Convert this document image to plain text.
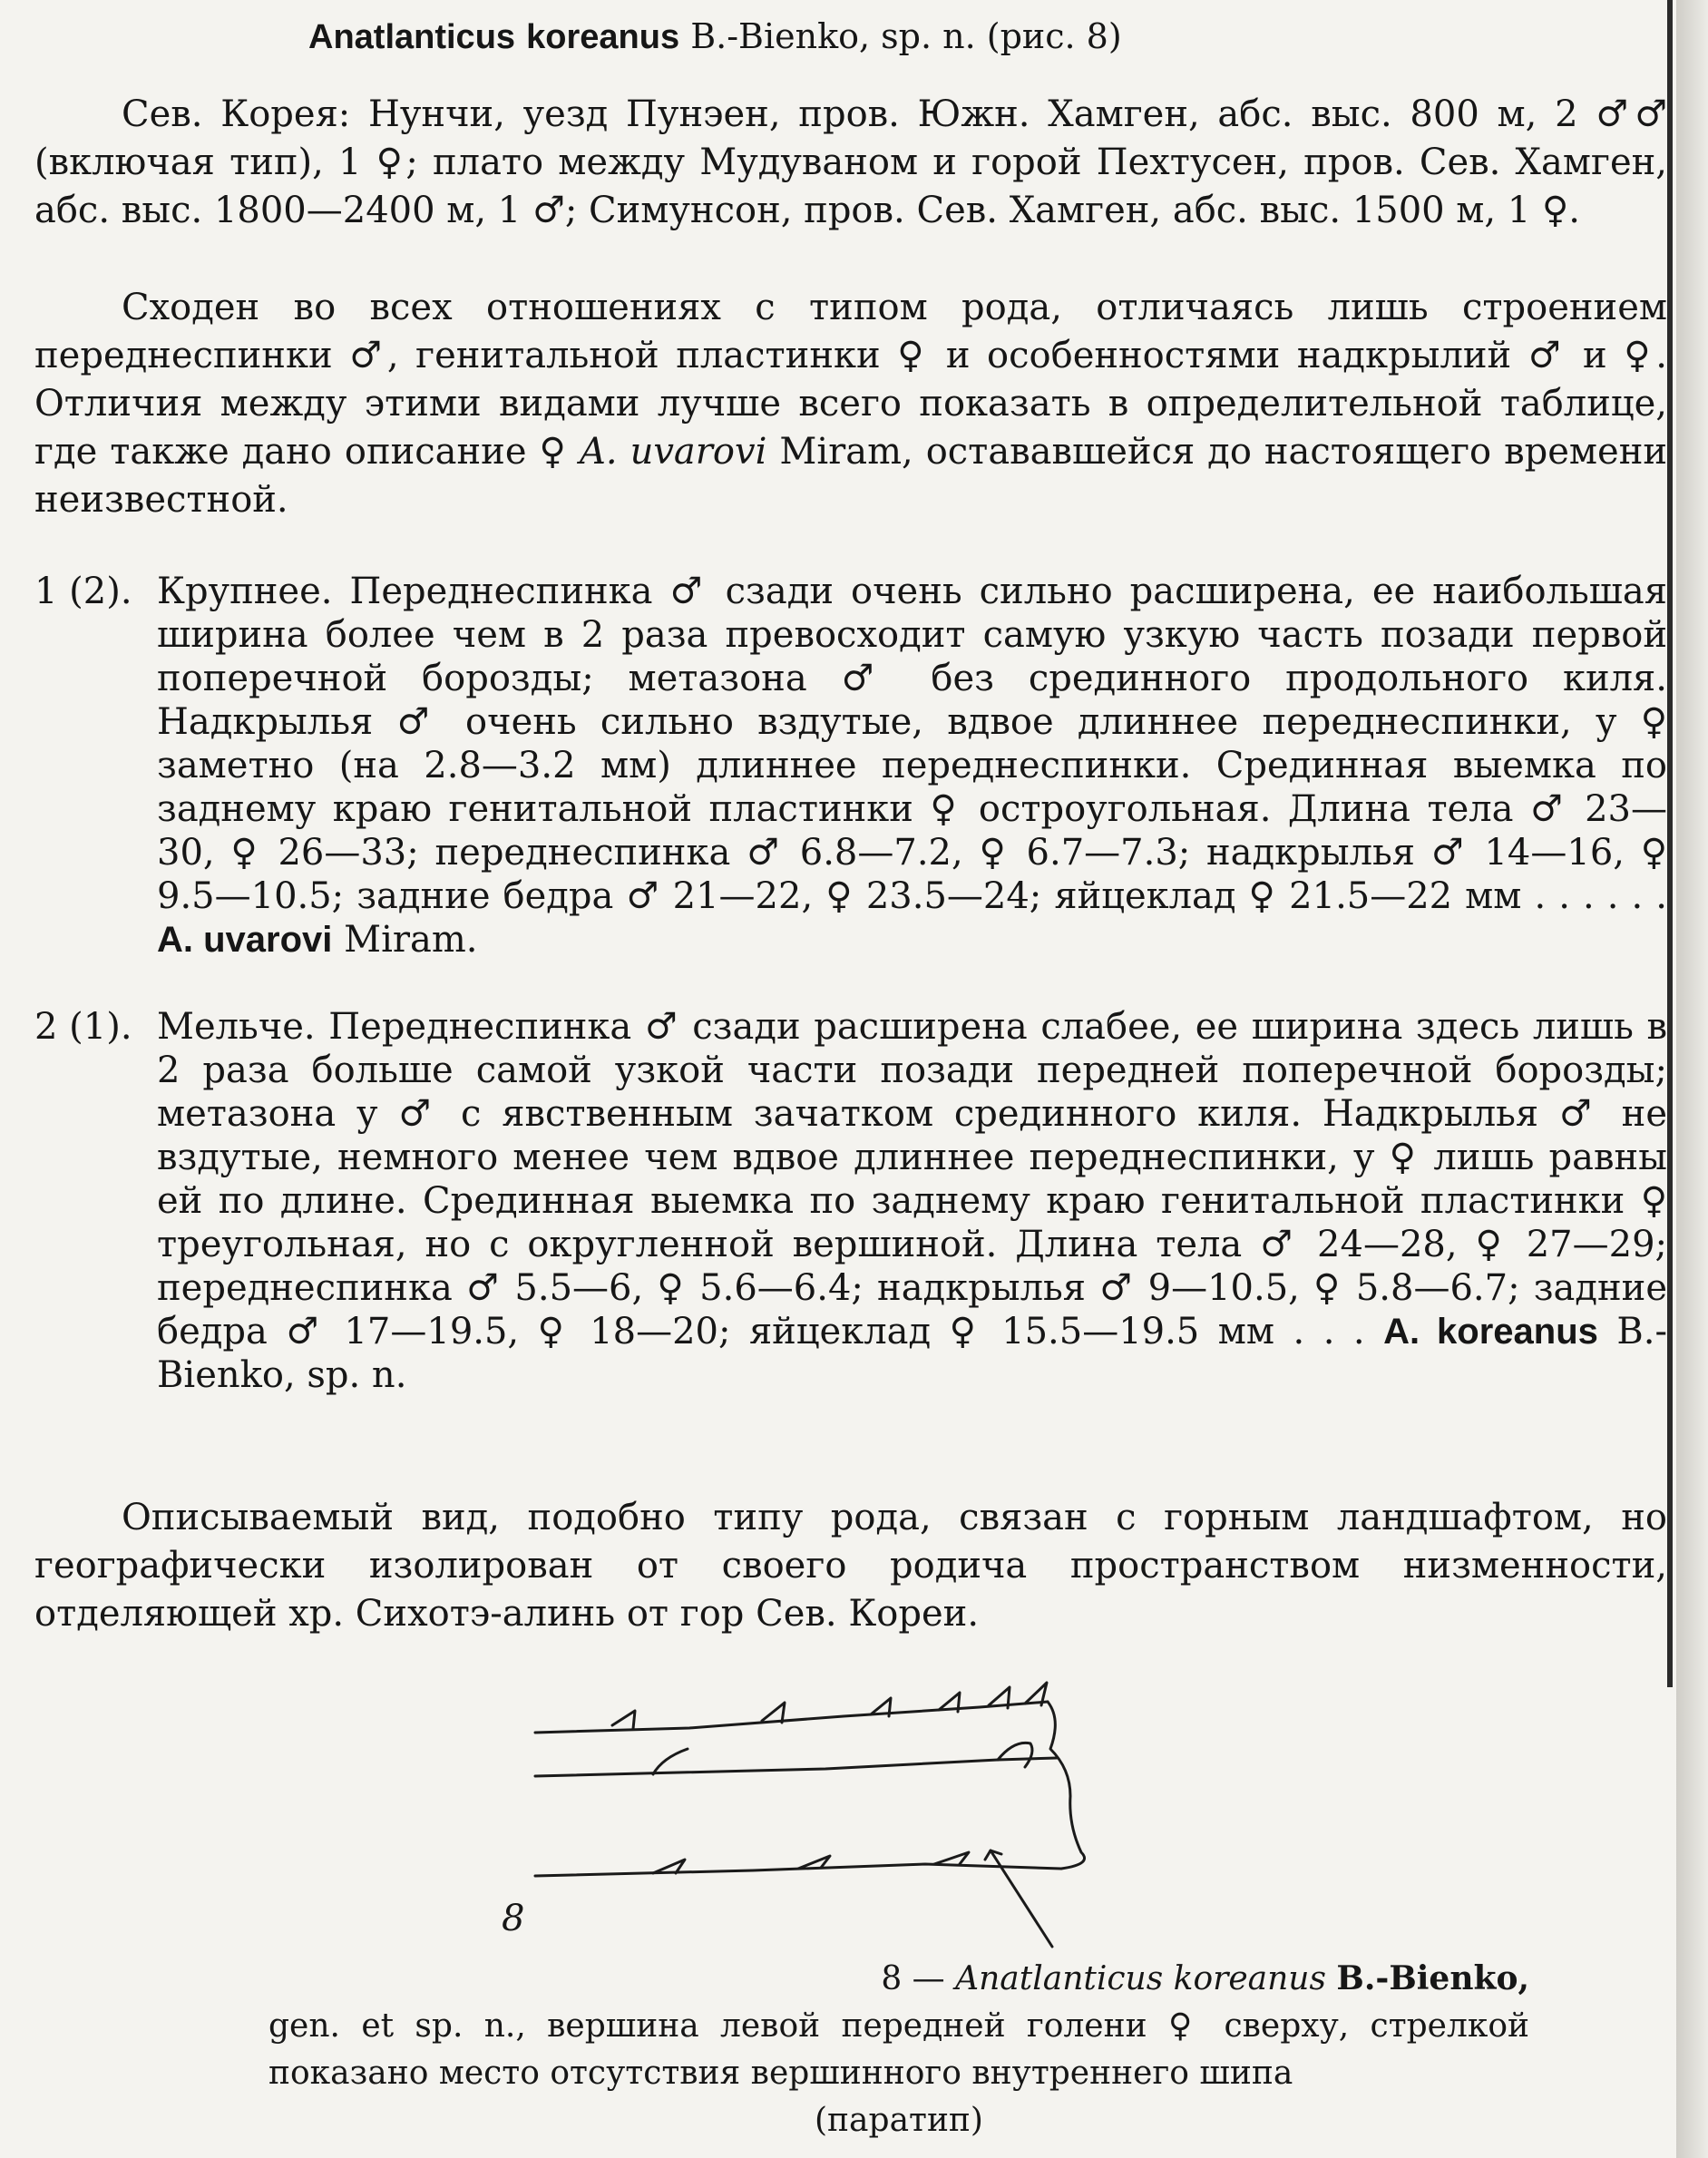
Anatlanticus koreanus B.-Bienko, sp. n. (рис. 8)

Сев. Корея: Нунчи, уезд Пунэен, пров. Южн. Хамген, абс. выс. 800 м, 2 ♂♂ (включая тип), 1 ♀; плато между Мудуваном и горой Пехтусен, пров. Сев. Хамген, абс. выс. 1800—2400 м, 1 ♂; Симунсон, пров. Сев. Хамген, абс. выс. 1500 м, 1 ♀.

Сходен во всех отношениях с типом рода, отличаясь лишь строением переднеспинки ♂, генитальной пластинки ♀ и особенностями надкрылий ♂ и ♀. Отличия между этими видами лучше всего показать в определительной таблице, где также дано описание ♀ A. uvarovi Miram, остававшейся до настоящего времени неизвестной.

1 (2). Крупнее. Переднеспинка ♂ сзади очень сильно расширена, ее наибольшая ширина более чем в 2 раза превосходит самую узкую часть позади первой поперечной борозды; метазона ♂ без срединного продольного киля. Надкрылья ♂ очень сильно вздутые, вдвое длиннее переднеспинки, у ♀ заметно (на 2.8—3.2 мм) длиннее переднеспинки. Срединная выемка по заднему краю генитальной пластинки ♀ остроугольная. Длина тела ♂ 23—30, ♀ 26—33; переднеспинка ♂ 6.8—7.2, ♀ 6.7—7.3; надкрылья ♂ 14—16, ♀ 9.5—10.5; задние бедра ♂ 21—22, ♀ 23.5—24; яйцеклад ♀ 21.5—22 мм . . . . . . A. uvarovi Miram.

2 (1). Мельче. Переднеспинка ♂ сзади расширена слабее, ее ширина здесь лишь в 2 раза больше самой узкой части позади передней поперечной борозды; метазона у ♂ с явственным зачатком срединного киля. Надкрылья ♂ не вздутые, немного менее чем вдвое длиннее переднеспинки, у ♀ лишь равны ей по длине. Срединная выемка по заднему краю генитальной пластинки ♀ треугольная, но с округленной вершиной. Длина тела ♂ 24—28, ♀ 27—29; переднеспинка ♂ 5.5—6, ♀ 5.6—6.4; надкрылья ♂ 9—10.5, ♀ 5.8—6.7; задние бедра ♂ 17—19.5, ♀ 18—20; яйцеклад ♀ 15.5—19.5 мм . . . A. koreanus B.-Bienko, sp. n.

Описываемый вид, подобно типу рода, связан с горным ландшафтом, но географически изолирован от своего родича пространством низменности, отделяющей хр. Сихотэ-алинь от гор Сев. Кореи.

8

8 — Anatlanticus koreanus B.-Bienko,
gen. et sp. n., вершина левой передней голени ♀ сверху, стрелкой показано место отсутствия вершинного внутреннего шипа
(паратип)
